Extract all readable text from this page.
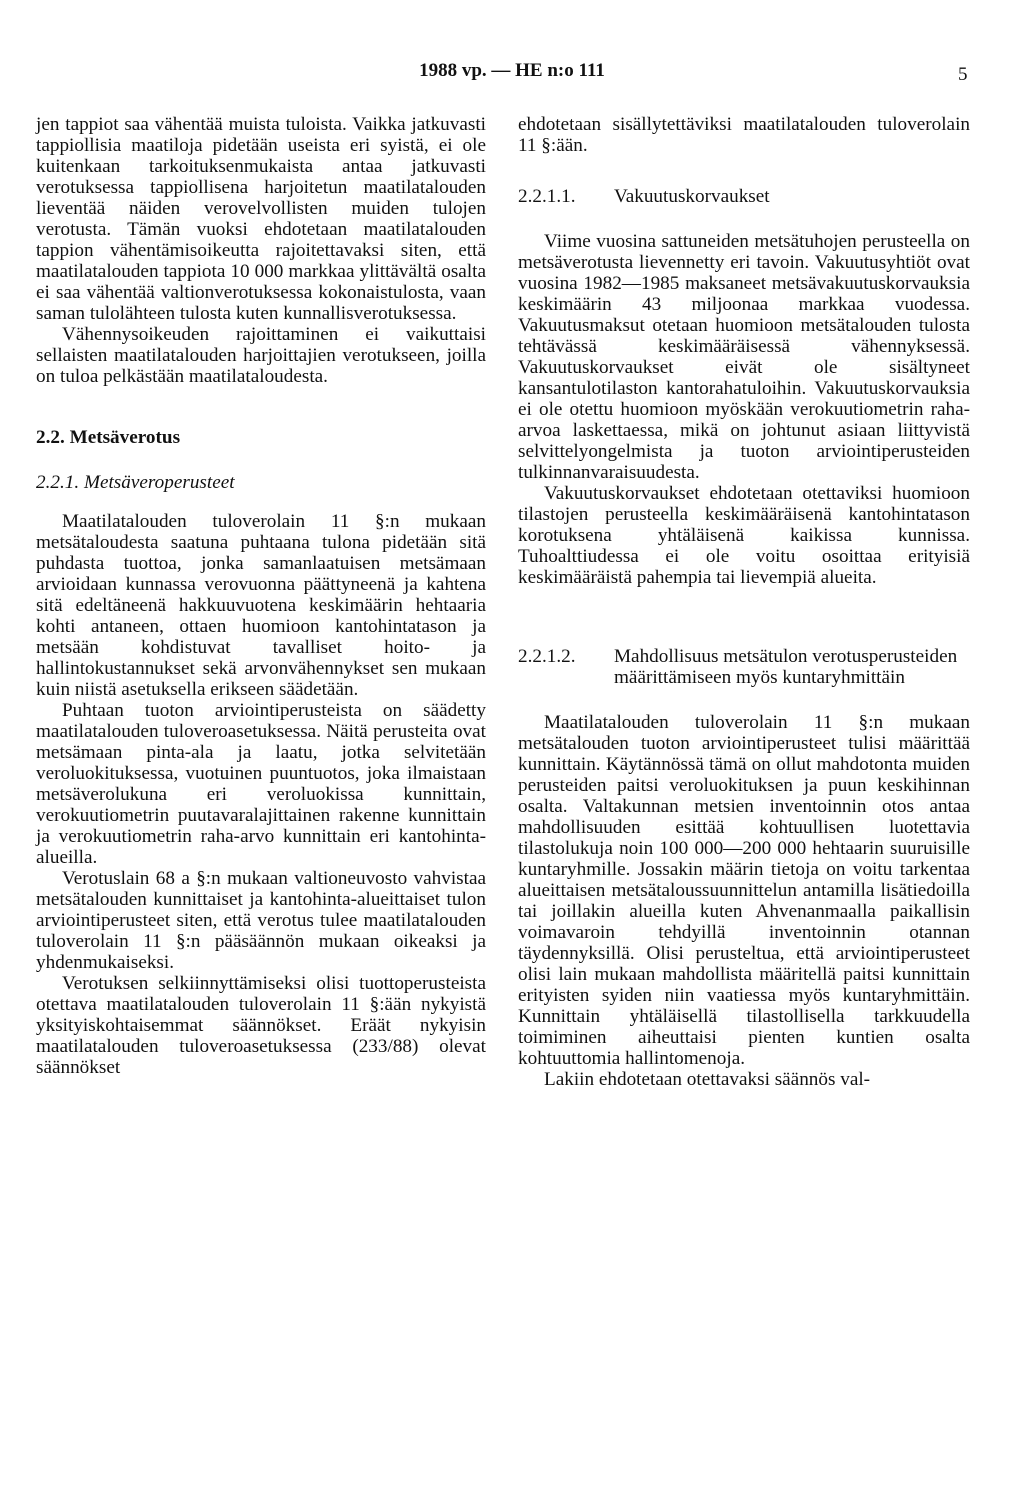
1988 vp. — HE n:o 111	5

jen tappiot saa vähentää muista tuloista. Vaikka jatkuvasti tappiollisia maatiloja pidetään useista eri syistä, ei ole kuitenkaan tarkoituksenmukaista antaa jatkuvasti verotuksessa tappiollisena harjoitetun maatilatalouden lieventää näiden verovelvollisten muiden tulojen verotusta. Tämän vuoksi ehdotetaan maatilatalouden tappion vähentämisoikeutta rajoitettavaksi siten, että maatilatalouden tappiota 10 000 markkaa ylittävältä osalta ei saa vähentää valtionverotuksessa kokonaistulosta, vaan saman tulolähteen tulosta kuten kunnallisverotuksessa.

Vähennysoikeuden rajoittaminen ei vaikuttaisi sellaisten maatilatalouden harjoittajien verotukseen, joilla on tuloa pelkästään maatilataloudesta.

2.2. Metsäverotus
2.2.1. Metsäveroperusteet

Maatilatalouden tuloverolain 11 §:n mukaan metsätaloudesta saatuna puhtaana tulona pidetään sitä puhdasta tuottoa, jonka samanlaatuisen metsämaan arvioidaan kunnassa verovuonna päättyneenä ja kahtena sitä edeltäneenä hakkuuvuotena keskimäärin hehtaaria kohti antaneen, ottaen huomioon kantohintatason ja metsään kohdistuvat tavalliset hoito- ja hallintokustannukset sekä arvonvähennykset sen mukaan kuin niistä asetuksella erikseen säädetään.

Puhtaan tuoton arviointiperusteista on säädetty maatilatalouden tuloveroasetuksessa. Näitä perusteita ovat metsämaan pinta-ala ja laatu, jotka selvitetään veroluokituksessa, vuotuinen puuntuotos, joka ilmaistaan metsäverolukuna eri veroluokissa kunnittain, verokuutiometrin puutavaralajittainen rakenne kunnittain ja verokuutiometrin raha-arvo kunnittain eri kantohinta-alueilla.

Verotuslain 68 a §:n mukaan valtioneuvosto vahvistaa metsätalouden kunnittaiset ja kantohinta-alueittaiset tulon arviointiperusteet siten, että verotus tulee maatilatalouden tuloverolain 11 §:n pääsäännön mukaan oikeaksi ja yhdenmukaiseksi.

Verotuksen selkiinnyttämiseksi olisi tuottoperusteista otettava maatilatalouden tuloverolain 11 §:ään nykyistä yksityiskohtaisemmat säännökset. Eräät nykyisin maatilatalouden tuloveroasetuksessa (233/88) olevat säännökset

ehdotetaan sisällytettäviksi maatilatalouden tuloverolain 11 §:ään.

2.2.1.1.	Vakuutuskorvaukset

Viime vuosina sattuneiden metsätuhojen perusteella on metsäverotusta lievennetty eri tavoin. Vakuutusyhtiöt ovat vuosina 1982—1985 maksaneet metsävakuutuskorvauksia keskimäärin 43 miljoonaa markkaa vuodessa. Vakuutusmaksut otetaan huomioon metsätalouden tulosta tehtävässä keskimääräisessä vähennyksessä. Vakuutuskorvaukset eivät ole sisältyneet kansantulotilaston kantorahatuloihin. Vakuutuskorvauksia ei ole otettu huomioon myöskään verokuutiometrin raha-arvoa laskettaessa, mikä on johtunut asiaan liittyvistä selvittelyongelmista ja tuoton arviointiperusteiden tulkinnanvaraisuudesta.

Vakuutuskorvaukset ehdotetaan otettaviksi huomioon tilastojen perusteella keskimääräisenä kantohintatason korotuksena yhtäläisenä kaikissa kunnissa. Tuhoalttiudessa ei ole voitu osoittaa erityisiä keskimääräistä pahempia tai lievempiä alueita.

2.2.1.2.	Mahdollisuus metsätulon verotusperusteiden määrittämiseen myös kuntaryhmittäin

Maatilatalouden tuloverolain 11 §:n mukaan metsätalouden tuoton arviointiperusteet tulisi määrittää kunnittain. Käytännössä tämä on ollut mahdotonta muiden perusteiden paitsi veroluokituksen ja puun keskihinnan osalta. Valtakunnan metsien inventoinnin otos antaa mahdollisuuden esittää kohtuullisen luotettavia tilastolukuja noin 100 000—200 000 hehtaarin suuruisille kuntaryhmille. Jossakin määrin tietoja on voitu tarkentaa alueittaisen metsätaloussuunnittelun antamilla lisätiedoilla tai joillakin alueilla kuten Ahvenanmaalla paikallisin voimavaroin tehdyillä inventoinnin otannan täydennyksillä. Olisi perusteltua, että arviointiperusteet olisi lain mukaan mahdollista määritellä paitsi kunnittain erityisten syiden niin vaatiessa myös kuntaryhmittäin. Kunnittain yhtäläisellä tilastollisella tarkkuudella toimiminen aiheuttaisi pienten kuntien osalta kohtuuttomia hallintomenoja.

Lakiin ehdotetaan otettavaksi säännös val-
